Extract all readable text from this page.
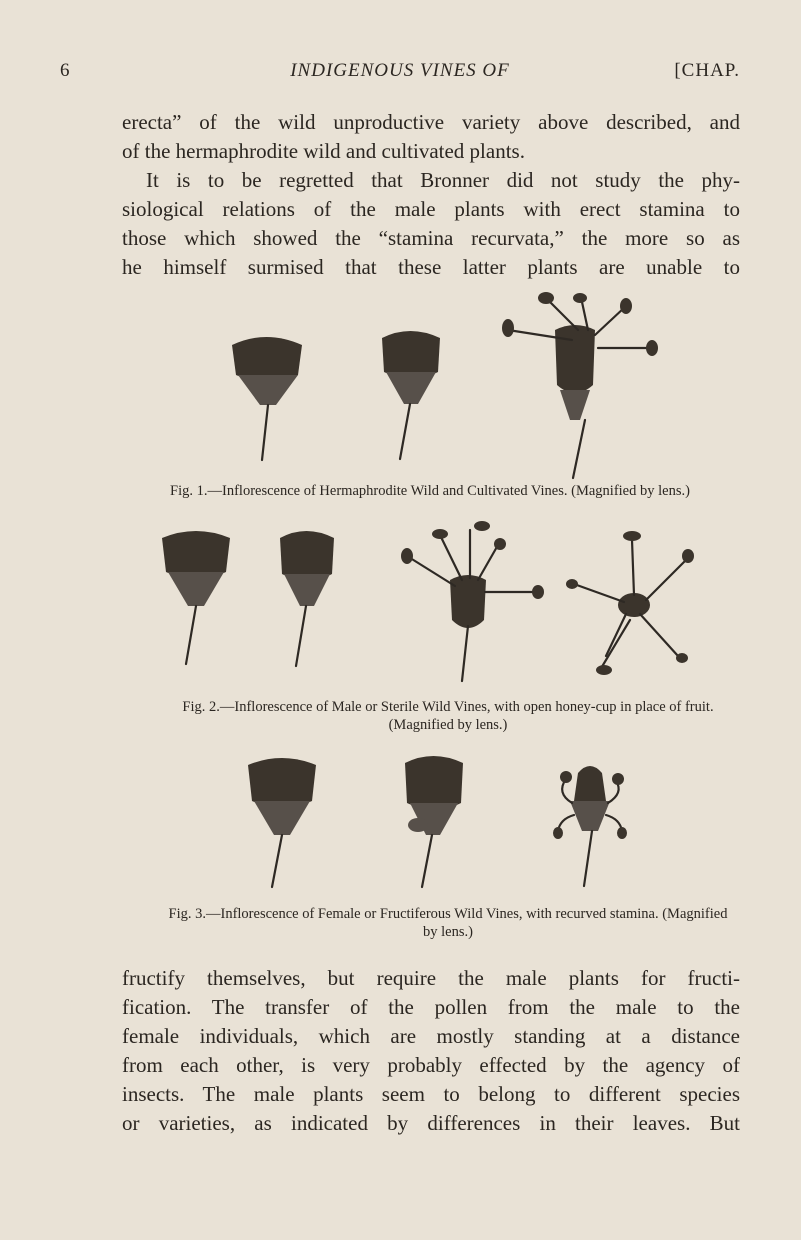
6	INDIGENOUS VINES OF	[CHAP.
erecta” of the wild unproductive variety above described, and
of the hermaphrodite wild and cultivated plants.
It is to be regretted that Bronner did not study the phy-
siological relations of the male plants with erect stamina to
those which showed the “stamina recurvata,” the more so as
he himself surmised that these latter plants are unable to
Fig. 1.—Inflorescence of Hermaphrodite Wild and Cultivated Vines. (Magnified by lens.)
Fig. 2.—Inflorescence of Male or Sterile Wild Vines, with open honey-cup in place of fruit.
(Magnified by lens.)
Fig. 3.—Inflorescence of Female or Fructiferous Wild Vines, with recurved stamina. (Magnified
by lens.)
fructify themselves, but require the male plants for fructi-
fication. The transfer of the pollen from the male to the
female individuals, which are mostly standing at a distance
from each other, is very probably effected by the agency of
insects. The male plants seem to belong to different species
or varieties, as indicated by differences in their leaves. But
